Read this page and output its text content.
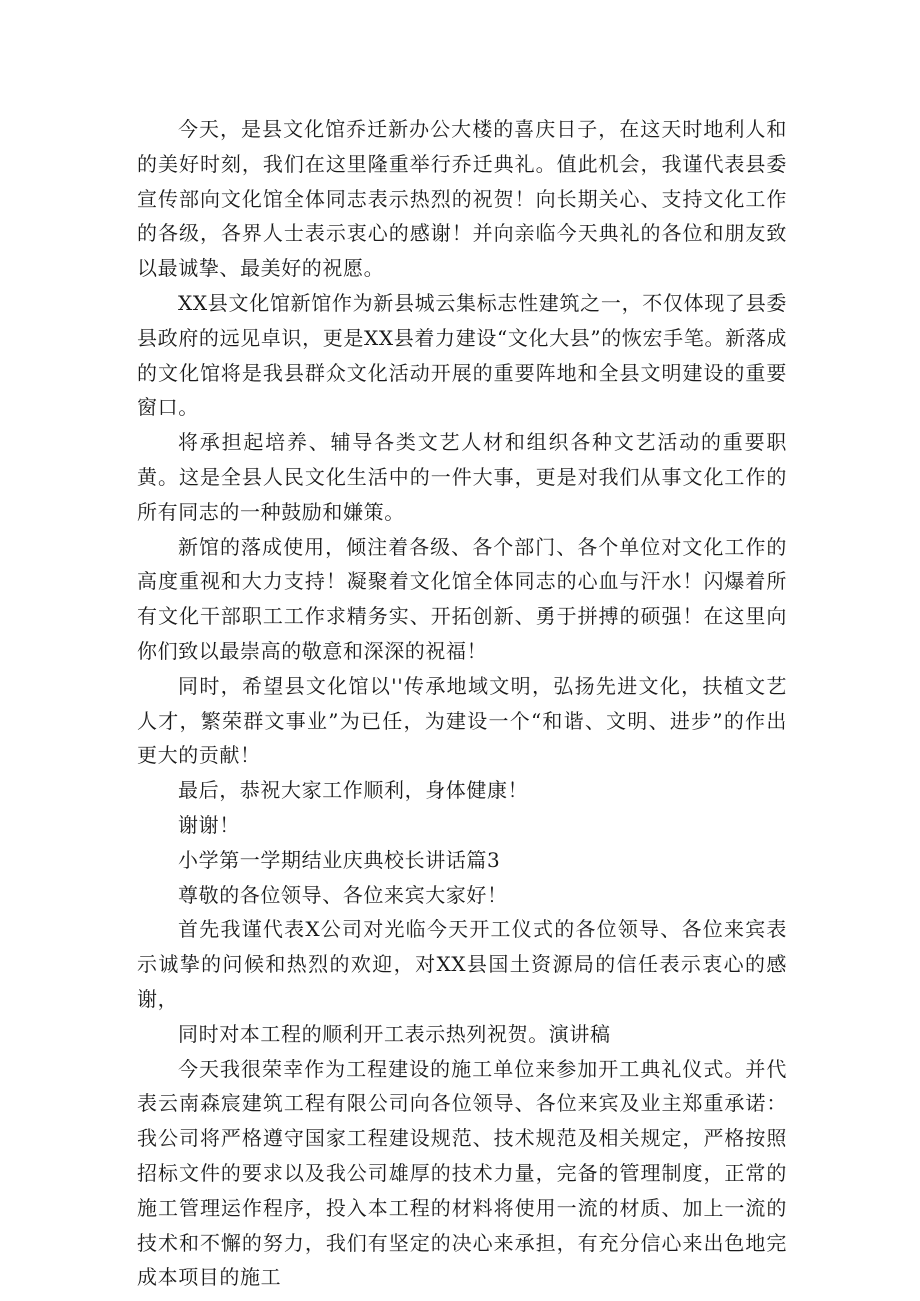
今天，是县文化馆乔迁新办公大楼的喜庆日子，在这天时地利人和的美好时刻，我们在这里隆重举行乔迁典礼。值此机会，我谨代表县委宣传部向文化馆全体同志表示热烈的祝贺！向长期关心、支持文化工作的各级，各界人士表示衷心的感谢！并向亲临今天典礼的各位和朋友致以最诚挚、最美好的祝愿。

XX县文化馆新馆作为新县城云集标志性建筑之一，不仅体现了县委县政府的远见卓识，更是XX县着力建设“文化大县”的恢宏手笔。新落成的文化馆将是我县群众文化活动开展的重要阵地和全县文明建设的重要窗口。

将承担起培养、辅导各类文艺人材和组织各种文艺活动的重要职黄。这是全县人民文化生活中的一件大事，更是对我们从事文化工作的所有同志的一种鼓励和嫌策。

新馆的落成使用，倾注着各级、各个部门、各个单位对文化工作的高度重视和大力支持！凝聚着文化馆全体同志的心血与汗水！闪爆着所有文化干部职工工作求精务实、开拓创新、勇于拼搏的硕强！在这里向你们致以最崇高的敬意和深深的祝福！

同时，希望县文化馆以''传承地域文明，弘扬先进文化，扶植文艺人才，繁荣群文事业”为已任，为建设一个“和谐、文明、进步”的作出更大的贡献！

最后，恭祝大家工作顺利，身体健康！

谢谢！

小学第一学期结业庆典校长讲话篇3

尊敬的各位领导、各位来宾大家好！

首先我谨代表X公司对光临今天开工仪式的各位领导、各位来宾表示诚挚的问候和热烈的欢迎，对XX县国土资源局的信任表示衷心的感谢，

同时对本工程的顺利开工表示热列祝贺。演讲稿

今天我很荣幸作为工程建设的施工单位来参加开工典礼仪式。并代表云南森宸建筑工程有限公司向各位领导、各位来宾及业主郑重承诺：我公司将严格遵守国家工程建设规范、技术规范及相关规定，严格按照招标文件的要求以及我公司雄厚的技术力量，完备的管理制度，正常的施工管理运作程序，投入本工程的材料将使用一流的材质、加上一流的技术和不懈的努力，我们有坚定的决心来承担，有充分信心来出色地完成本项目的施工
